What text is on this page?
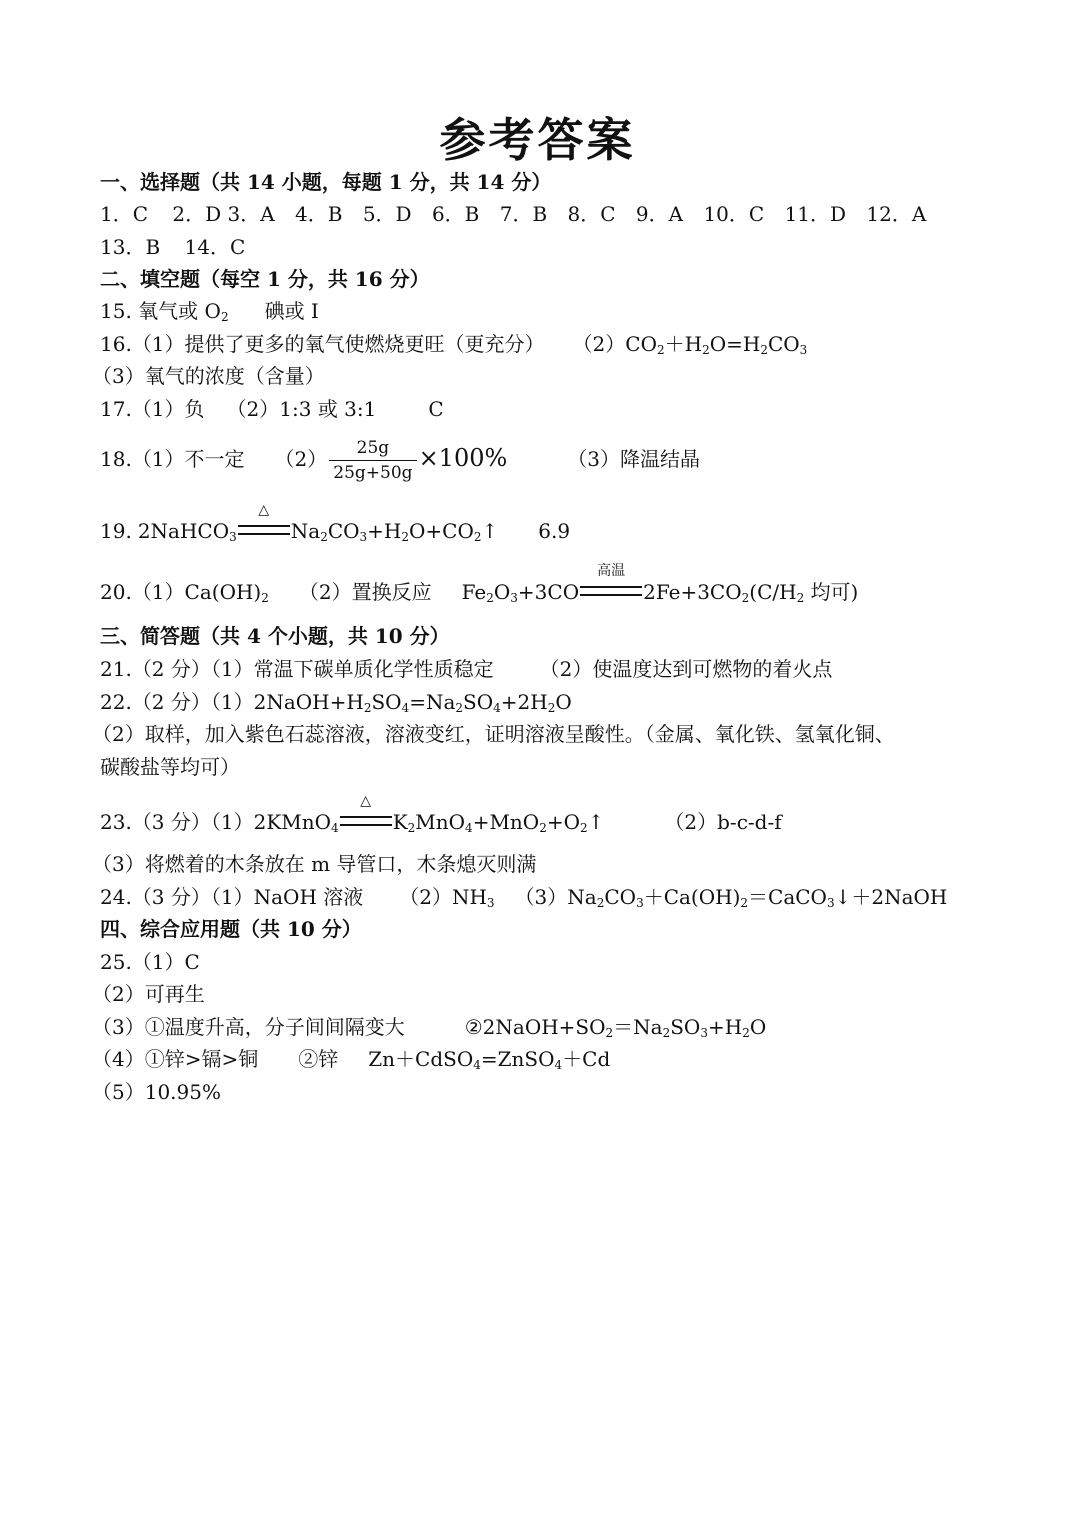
参考答案
一、选择题（共 14 小题，每题 1 分，共 14 分）
1．C 2．D 3．A 4．B 5．D 6．B 7．B 8．C 9．A 10．C 11．D 12．A
13．B 14．C
二、填空题（每空 1 分，共 16 分）
15. 氧气或 $O_2$ 碘或 I
16.（1）提供了更多的氧气使燃烧更旺（更充分） $(2)CO_2+H_2O=H_2CO_3$
（3）氧气的浓度（含量）
17.（1）负 （2）1:3 或 3:1	C
18.（1）不一定 $(2) \frac{25g}{25g+50g} \times 100\%$	（3）降温结晶
19. 2NaHCO$_3$
△
$Na_2CO_3+H_2O+CO_2↑$ 6.9
$20.(1)Ca(OH)_2$ （2）置换反应 $Fe_2O_3+3CO$
高温
$2Fe+3CO_2(C/H_2$ 均可)
三、简答题（共 4 个小题，共 10 分）
21.（2 分）（1）常温下碳单质化学性质稳定 （2）使温度达到可燃物的着火点
22.（2 分）$(1)2NaOH+H_2SO_4=Na_2SO_4+2H_2O$
（2）取样，加入紫色石蕊溶液，溶液变红，证明溶液呈酸性。（金属、氧化铁、氢氧化铜、
碳酸盐等均可）
23.（3 分）（1）2KMnO$_4$
△
$K_2MnO_4+MnO_2+O_2↑$	（2）b-c-d-f
（3）将燃着的木条放在 m 导管口，木条熄灭则满
24.（3 分）（1）NaOH 溶液 $(2)NH_3$ $(3)Na_2CO_3+Ca(OH)_2=CaCO_3↓+2NaOH$
四、综合应用题（共 10 分）
25.（1）C
（2）可再生
（3）①温度升高，分子间间隔变大	$②2NaOH+SO_2=Na_2SO_3+H_2O$
（4）①锌>镉>铜 ②锌 Zn＋CdSO$_4$=ZnSO$_4$＋Cd
（5）10.95%
